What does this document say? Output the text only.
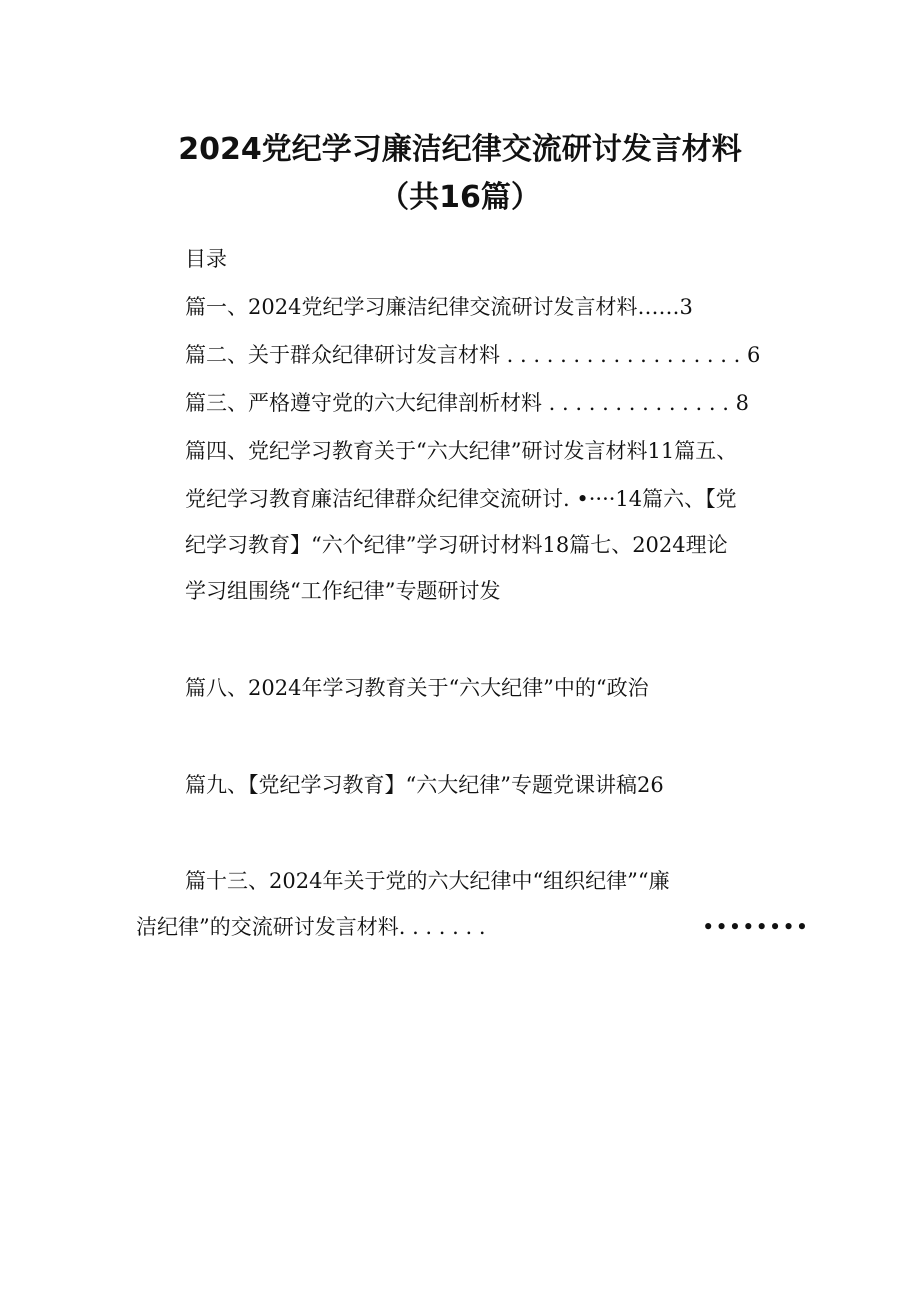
2024党纪学习廉洁纪律交流研讨发言材料
（共16篇）
目录
篇一、2024党纪学习廉洁纪律交流研讨发言材料……3
篇二、关于群众纪律研讨发言材料 . . . . . . . . . . . . . . . . . . 6
篇三、严格遵守党的六大纪律剖析材料 . . . . . . . . . . . . . . 8
篇四、党纪学习教育关于“六大纪律”研讨发言材料11篇五、
党纪学习教育廉洁纪律群众纪律交流研讨. •····14篇六、【党
纪学习教育】“六个纪律”学习研讨材料18篇七、2024理论
学习组围绕“工作纪律”专题研讨发
篇八、2024年学习教育关于“六大纪律”中的“政治
篇九、【党纪学习教育】“六大纪律”专题党课讲稿26
篇十三、2024年关于党的六大纪律中“组织纪律”“廉
洁纪律”的交流研讨发言材料. . . . . . .	••••••••
